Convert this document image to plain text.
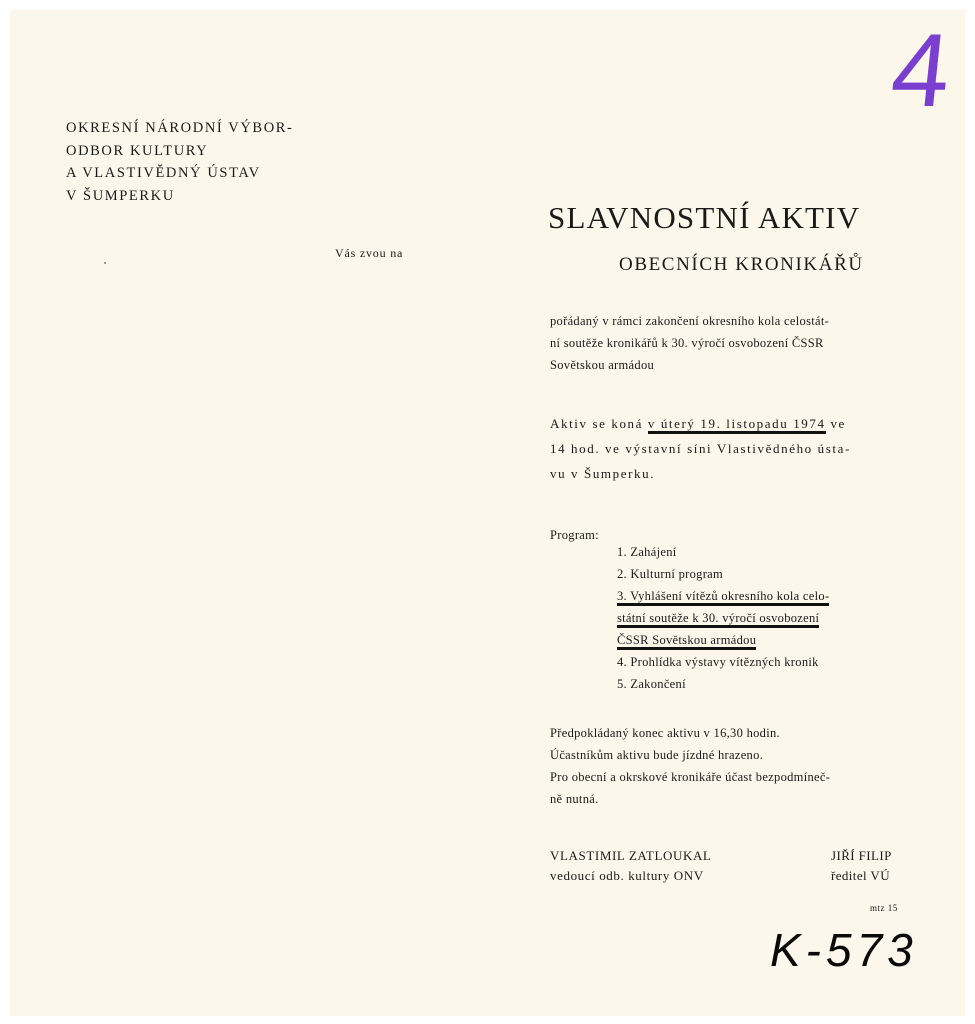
4
OKRESNÍ NÁRODNÍ VÝBOR-
ODBOR KULTURY
A VLASTIVĚDNÝ ÚSTAV
V ŠUMPERKU
Vás zvou na
SLAVNOSTNÍ AKTIV
OBECNÍCH KRONIKÁŘŮ
pořádaný v rámci zakončení okresního kola celostát-
ní soutěže kronikářů k 30. výročí osvobození ČSSR
Sovětskou armádou
Aktiv se koná v úterý 19. listopadu 1974 ve
14 hod. ve výstavní síni Vlastivědného ústa-
vu v Šumperku.
Program:
1. Zahájení
2. Kulturní program
3. Vyhlášení vítězů okresního kola celo-
státní soutěže k 30. výročí osvobození
ČSSR Sovětskou armádou
4. Prohlídka výstavy vítězných kronik
5. Zakončení
Předpokládaný konec aktivu v 16,30 hodin.
Účastníkům aktivu bude jízdné hrazeno.
Pro obecní a okrskové kronikáře účast bezpodmíneč-
ně nutná.
VLASTIMIL ZATLOUKAL
vedoucí odb. kultury ONV
JIŘÍ FILIP
ředitel VÚ
mtz 15
K-573
